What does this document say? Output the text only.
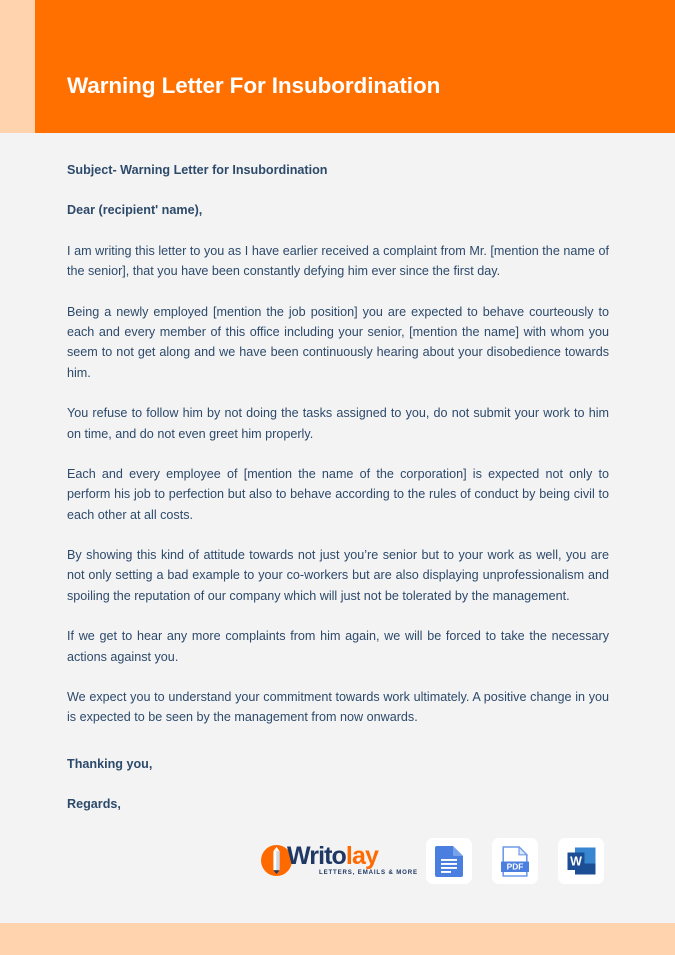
Warning Letter For Insubordination

Subject- Warning Letter for Insubordination

Dear (recipient' name),

I am writing this letter to you as I have earlier received a complaint from Mr. [mention the name of the senior], that you have been constantly defying him ever since the first day.

Being a newly employed [mention the job position] you are expected to behave courteously to each and every member of this office including your senior, [mention the name] with whom you seem to not get along and we have been continuously hearing about your disobedience towards him.

You refuse to follow him by not doing the tasks assigned to you, do not submit your work to him on time, and do not even greet him properly.

Each and every employee of [mention the name of the corporation] is expected not only to perform his job to perfection but also to behave according to the rules of conduct by being civil to each other at all costs.

By showing this kind of attitude towards not just you’re senior but to your work as well, you are not only setting a bad example to your co-workers but are also displaying unprofessionalism and spoiling the reputation of our company which will just not be tolerated by the management.

If we get to hear any more complaints from him again, we will be forced to take the necessary actions against you.

We expect you to understand your commitment towards work ultimately. A positive change in you is expected to be seen by the management from now onwards.

Thanking you,

Regards,

Writolay
LETTERS, EMAILS & MORE
PDF	W
